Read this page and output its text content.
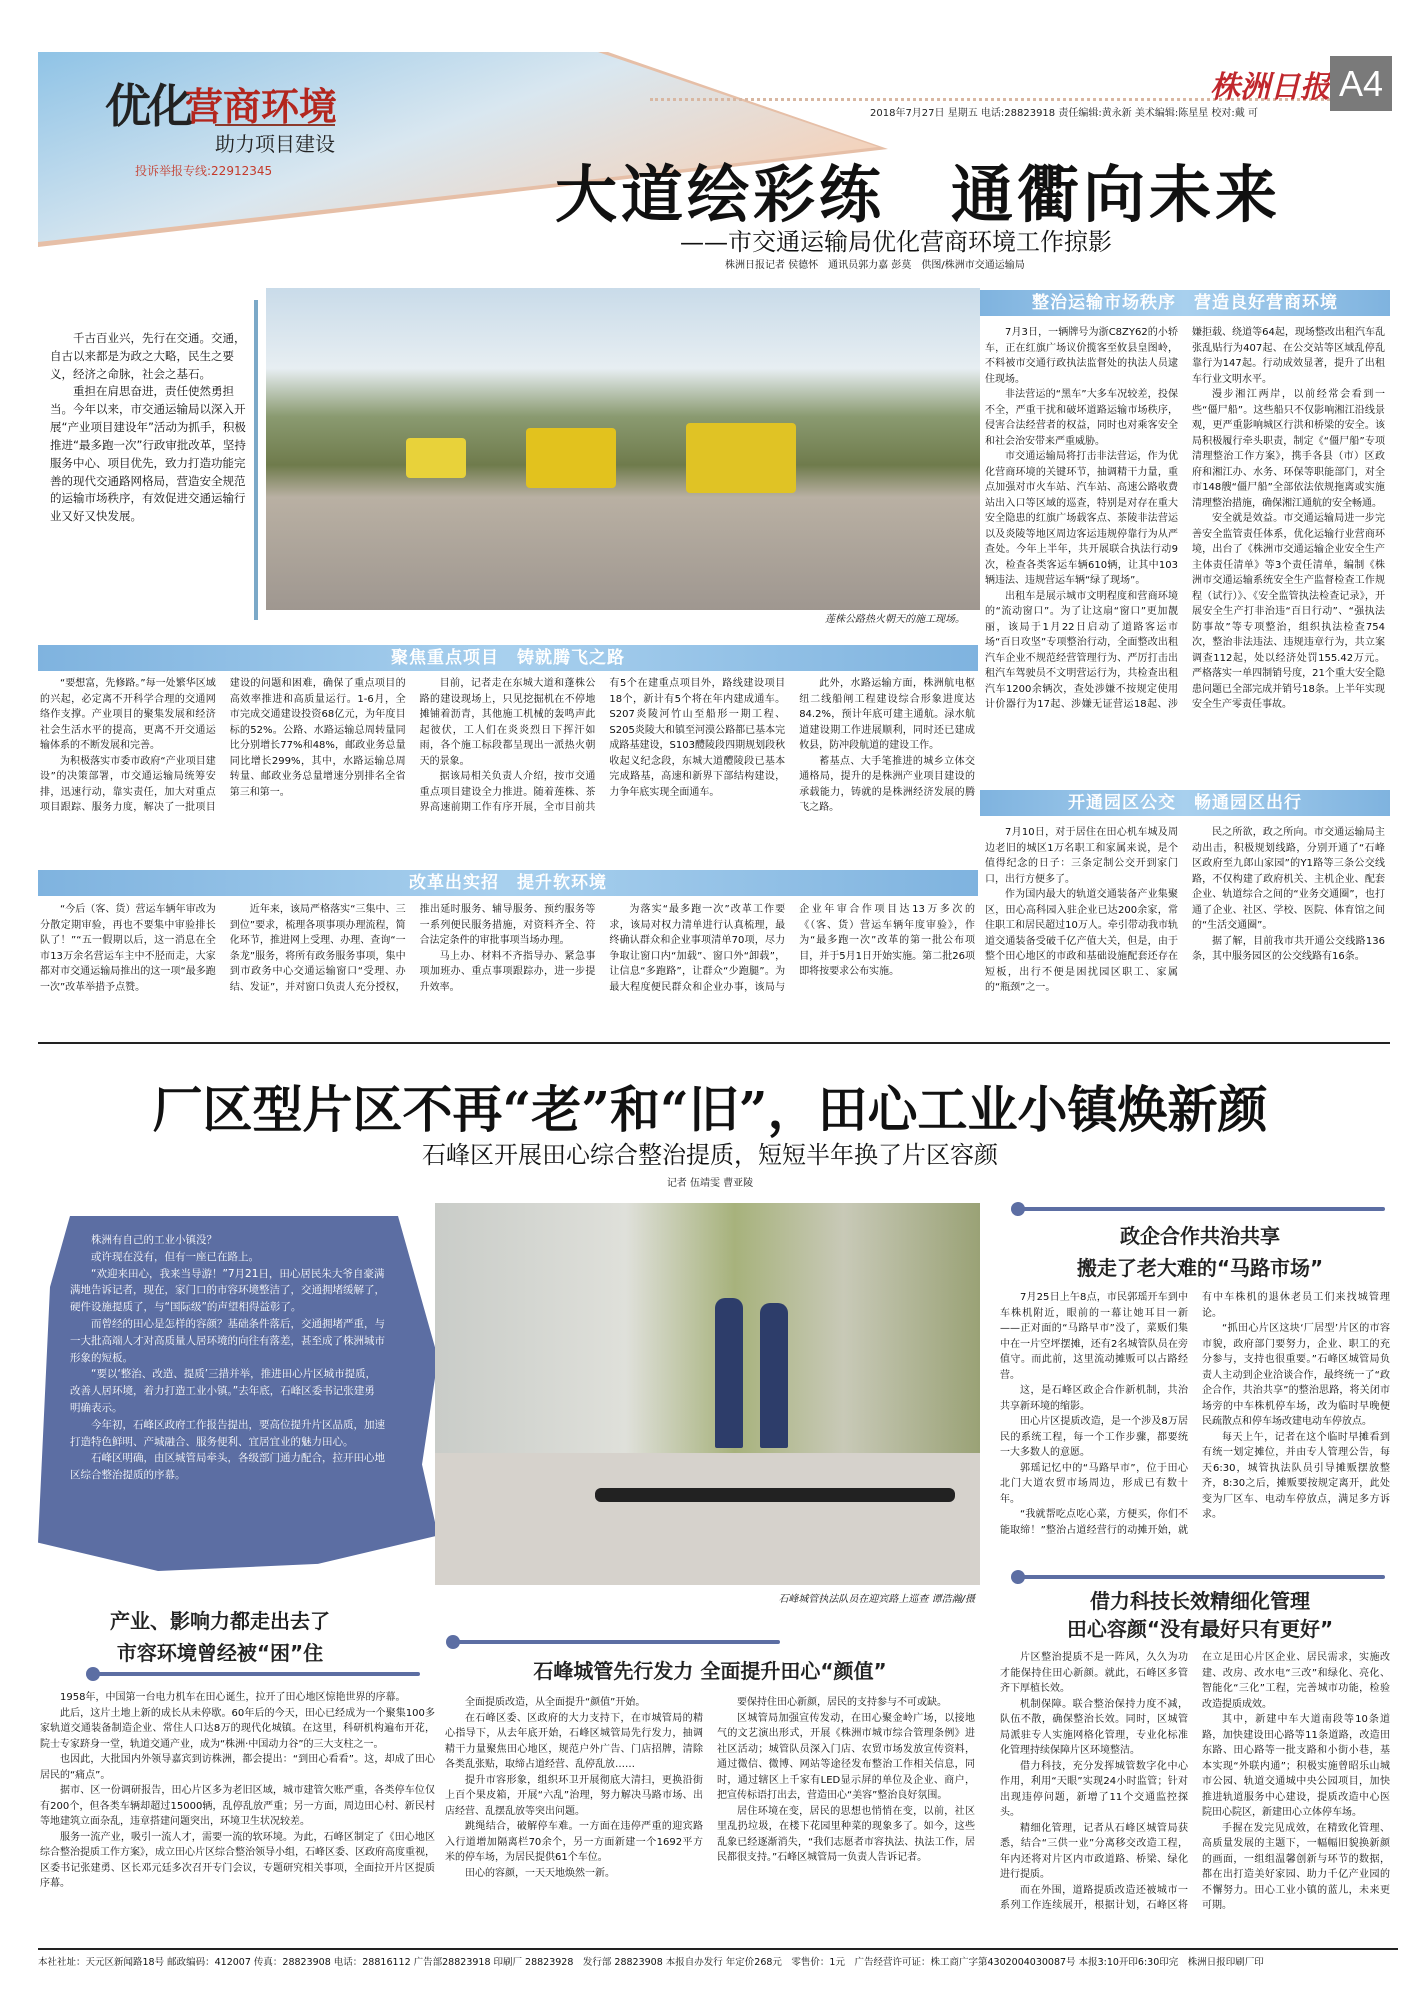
优化
营商环境
助力项目建设
投诉举报专线:22912345
株洲日报 A4
2018年7月27日 星期五 电话:28823918 责任编辑:黄永新 美术编辑:陈星星 校对:戴 可
大道绘彩练　通衢向未来
——市交通运输局优化营商环境工作掠影
株洲日报记者 侯德怀　通讯员郭力嘉 彭莫　供图/株洲市交通运输局

千古百业兴，先行在交通。交通，自古以来都是为政之大略，民生之要义，经济之命脉，社会之基石。

重担在肩思奋进，责任使然勇担当。今年以来，市交通运输局以深入开展“产业项目建设年”活动为抓手，积极推进“最多跑一次”行政审批改革，坚持服务中心、项目优先，致力打造功能完善的现代交通路网格局，营造安全规范的运输市场秩序，有效促进交通运输行业又好又快发展。

莲株公路热火朝天的施工现场。
整治运输市场秩序　营造良好营商环境

7月3日，一辆牌号为浙C8ZY62的小轿车，正在红旗广场议价揽客至攸县皇图岭，不料被市交通行政执法监督处的执法人员逮住现场。

非法营运的“黑车”大多车况较差，投保不全，严重干扰和破坏道路运输市场秩序，侵害合法经营者的权益，同时也对乘客安全和社会治安带来严重威胁。

市交通运输局将打击非法营运，作为优化营商环境的关键环节，抽调精干力量，重点加强对市火车站、汽车站、高速公路收费站出入口等区域的巡查，特别是对存在重大安全隐患的红旗广场载客点、茶陵非法营运以及炎陵等地区周边客运违规停靠行为从严查处。今年上半年，共开展联合执法行动9次，检查各类客运车辆610辆，让其中103辆违法、违规营运车辆“绿了现场”。

出租车是展示城市文明程度和营商环境的“流动窗口”。为了让这扇“窗口”更加靓丽，该局于1月22日启动了道路客运市场“百日攻坚”专项整治行动，全面整改出租汽车企业不规范经营管理行为、严厉打击出租汽车驾驶员不文明营运行为，共检查出租汽车1200余辆次，查处涉嫌不按规定使用计价器行为17起、涉嫌无证营运18起、涉嫌拒载、绕道等64起，现场整改出租汽车乱张乱贴行为407起、在公交站等区域乱停乱靠行为147起。行动成效显著，提升了出租车行业文明水平。

漫步湘江两岸，以前经常会看到一些“僵尸船”。这些船只不仅影响湘江沿线景观，更严重影响城区行洪和桥梁的安全。该局积极履行牵头职责，制定《“僵尸船”专项清理整治工作方案》，携手各县（市）区政府和湘江办、水务、环保等职能部门，对全市148艘“僵尸船”全部依法依规拖离或实施清理整治措施，确保湘江通航的安全畅通。

安全就是效益。市交通运输局进一步完善安全监管责任体系，优化运输行业营商环境，出台了《株洲市交通运输企业安全生产主体责任清单》等3个责任清单，编制《株洲市交通运输系统安全生产监督检查工作规程（试行）》、《安全监管执法检查记录》，开展安全生产打非治违“百日行动”、“强执法防事故”等专项整治，组织执法检查754次，整治非法违法、违规违章行为，共立案调查112起，处以经济处罚155.42万元。严格落实一单四制销号度，21个重大安全隐患问题已全部完成并销号18条。上半年实现安全生产零责任事故。

聚焦重点项目　铸就腾飞之路

“要想富，先修路。”每一处繁华区域的兴起，必定离不开科学合理的交通网络作支撑。产业项目的聚集发展和经济社会生活水平的提高，更离不开交通运输体系的不断发展和完善。

为积极落实市委市政府“产业项目建设”的决策部署，市交通运输局统筹安排，迅速行动，靠实责任，加大对重点项目跟踪、服务力度，解决了一批项目建设的问题和困难，确保了重点项目的高效率推进和高质量运行。1-6月，全市完成交通建设投资68亿元，为年度目标的52%。公路、水路运输总周转量同比分别增长77%和48%，邮政业务总量同比增长299%，其中，水路运输总周转量、邮政业务总量增速分别排名全省第三和第一。

目前，记者走在东城大道和蓬株公路的建设现场上，只见挖掘机在不停地摊铺着沥青，其他施工机械的轰鸣声此起彼伏，工人们在炎炎烈日下挥汗如雨，各个施工标段都呈现出一派热火朝天的景象。

据该局相关负责人介绍，按市交通重点项目建设全力推进。随着莲株、茶界高速前期工作有序开展，全市目前共有5个在建重点项目外，路线建设项目18个，新计有5个将在年内建成通车。S207炎陵河竹山至船形一期工程、S205炎陵大和镇至河漠公路都已基本完成路基建设，S103醴陵段四期规划段秋收起义纪念段，东城大道醴陵段已基本完成路基，高速和新界下部结构建设，力争年底实现全面通车。

此外，水路运输方面，株洲航电枢纽二线船闸工程建设综合形象进度达84.2%，预计年底可建主通航。渌水航道建设期工作进展顺利，同时还已建成攸县，防冲段航道的建设工作。

蓄基点、大手笔推进的城乡立体交通格局，提升的是株洲产业项目建设的承载能力，铸就的是株洲经济发展的腾飞之路。	开通园区公交　畅通园区出行

7月10日，对于居住在田心机车城及周边老旧的城区1万名职工和家属来说，是个值得纪念的日子：三条定制公交开到家门口，出行方便多了。

作为国内最大的轨道交通装备产业集聚区，田心高科园入驻企业已达200余家，常住职工和居民超过10万人。牵引带动我市轨道交通装备受破千亿产值大关，但是，由于整个田心地区的市政和基础设施配套还存在短板，出行不便是困扰园区职工、家属的“瓶颈”之一。

民之所欲，政之所向。市交通运输局主动出击，积极规划线路，分别开通了“石峰区政府至九郎山家园”的Y1路等三条公交线路，不仅构建了政府机关、主机企业、配套企业、轨道综合之间的“业务交通圈”，也打通了企业、社区、学校、医院、体育馆之间的“生活交通圈”。

据了解，目前我市共开通公交线路136条，其中服务园区的公交线路有16条。

改革出实招　提升软环境

“今后（客、货）营运车辆年审改为分散定期审验，再也不要集中审验排长队了！”“五一假期以后，这一消息在全市13万余名营运车主中不胫而走，大家都对市交通运输局推出的这一项“最多跑一次”改革举措予点赞。

近年来，该局严格落实“三集中、三到位”要求，梳理各项事项办理流程，简化环节，推进网上受理、办理、查询“一条龙”服务，将所有政务服务事项，集中到市政务中心交通运输窗口“受理、办结、发证”，并对窗口负责人充分授权，推出延时服务、辅导服务、预约服务等一系列便民服务措施，对资料齐全、符合法定条件的审批事项当场办理。

马上办、材料不齐指导办、紧急事项加班办、重点事项跟踪办，进一步提升效率。

为落实“最多跑一次”改革工作要求，该局对权力清单进行认真梳理，最终确认群众和企业事项清单70项，尽力争取让窗口内“加载”、窗口外“卸载”，让信息“多跑路”，让群众“少跑腿”。为最大程度便民群众和企业办事，该局与企业年审合作项目达13万多次的《（客、货）营运车辆年度审验》，作为“最多跑一次”改革的第一批公布项目，并于5月1日开始实施。第二批26项即将按要求公布实施。

厂区型片区不再“老”和“旧”，田心工业小镇焕新颜
石峰区开展田心综合整治提质，短短半年换了片区容颜
记者 伍靖雯 曹亚陵

株洲有自己的工业小镇没？

或许现在没有，但有一座已在路上。

“欢迎来田心，我来当导游！”7月21日，田心居民朱大爷自豪满满地告诉记者，现在，家门口的市容环境整洁了，交通拥堵缓解了，硬件设施提质了，与“国际级”的声望相得益彰了。

而曾经的田心是怎样的容颜？基础条件落后，交通拥堵严重，与一大批高端人才对高质量人居环境的向往有落差，甚至成了株洲城市形象的短板。

“要以‘整治、改造、提质’三措并举，推进田心片区城市提质，改善人居环境，着力打造工业小镇。”去年底，石峰区委书记张建勇明确表示。

今年初，石峰区政府工作报告提出，要高位提升片区品质，加速打造特色鲜明、产城融合、服务便利、宜居宜业的魅力田心。

石峰区明确，由区城管局牵头，各级部门通力配合，拉开田心地区综合整治提质的序幕。

石峰城管执法队员在迎宾路上巡查 谭浩瀚/摄
政企合作共治共享
搬走了老大难的“马路市场”

7月25日上午8点，市民郭瑶开车到中车株机附近，眼前的一幕让她耳目一新——正对面的“马路早市”没了，菜贩们集中在一片空坪摆摊，还有2名城管队员在旁值守。而此前，这里流动摊贩可以占路经营。

这，是石峰区政企合作新机制，共治共享新环境的缩影。

田心片区提质改造，是一个涉及8万居民的系统工程，每一个工作步骤，都要统一大多数人的意愿。

郭瑶记忆中的“马路早市”，位于田心北门大道农贸市场周边，形成已有数十年。

“我就帮吃点吃心菜，方便买，你们不能取缔！”整治占道经营行的动摊开始，就有中车株机的退休老员工们来找城管理论。

“抓田心片区这块‘厂居型’片区的市容市貌，政府部门要努力，企业、职工的充分参与，支持也很重要。”石峰区城管局负责人主动到企业洽谈合作，最终统一了“政企合作，共治共享”的整治思路，将关闭市场旁的中车株机停车场，改为临时早晚便民疏散点和停车场改建电动车停放点。

每天上午，记者在这个临时早摊看到有统一划定摊位，并由专人管理公告，每天6:30，城管执法队员引导摊贩摆放整齐，8:30之后，摊贩要按规定离开，此处变为厂区车、电动车停放点，满足多方诉求。

借力科技长效精细化管理
田心容颜“没有最好只有更好”

片区整治提质不是一阵风，久久为功才能保持住田心新颜。就此，石峰区多管齐下厚植长效。

机制保障。联合整治保持力度不减，队伍不散，确保整治长效。同时，区城管局派驻专人实施网格化管理，专业化标准化管理持续保障片区环境整洁。

借力科技，充分发挥城管数字化中心作用，利用“天眼”实现24小时监管；针对出现违停问题，新增了11个交通监控探头。

精细化管理，记者从石峰区城管局获悉，结合“三供一业”分离移交改造工程，年内还将对片区内市政道路、桥梁、绿化进行提质。

而在外围，道路提质改造还被城市一系列工作连续展开，根据计划，石峰区将在立足田心片区企业、居民需求，实施改建、改房、改水电“三改”和绿化、亮化、智能化“三化”工程，完善城市功能，检验改造提质成效。

其中，新建中车大道南段等10条道路，加快建设田心路等11条道路，改造田东路、田心路等一批支路和小街小巷，基本实现“外联内通”；积极实施曾昭乐山城市公园、轨道交通城中央公园项目，加快推进轨道服务中心建设，提质改造中心医院田心院区，新建田心立体停车场。

手握在发完见成效，在精致化管理、高质量发展的主题下，一幅幅旧貌换新颜的画面，一组组温馨创新与环节的数据，都在出打造美好家园、助力千亿产业园的不懈努力。田心工业小镇的蓝儿，未来更可期。

产业、影响力都走出去了
市容环境曾经被“困”住

1958年，中国第一台电力机车在田心诞生，拉开了田心地区惊艳世界的序幕。

此后，这片土地上新的成长从未停歇。60年后的今天，田心已经成为一个聚集100多家轨道交通装备制造企业、常住人口达8万的现代化城镇。在这里，科研机构遍布开花，院士专家跻身一堂，轨道交通产业，成为“株洲·中国动力谷”的三大支柱之一。

也因此，大批国内外领导嘉宾到访株洲，都会提出：“到田心看看”。这，却成了田心居民的“痛点”。

据市、区一份调研报告，田心片区多为老旧区域，城市建管欠账严重，各类停车位仅有200个，但各类车辆却超过15000辆，乱停乱放严重；另一方面，周边田心村、新民村等地建筑立面杂乱，违章搭建问题突出，环境卫生状况较差。

服务一流产业，吸引一流人才，需要一流的软环境。为此，石峰区制定了《田心地区综合整治提质工作方案》，成立田心片区综合整治领导小组，石峰区委、区政府高度重视，区委书记张建勇、区长邓元廷多次召开专门会议，专题研究相关事项，全面拉开片区提质序幕。

石峰城管先行发力 全面提升田心“颜值”

全面提质改造，从全面提升“颜值”开始。

在石峰区委、区政府的大力支持下，在市城管局的精心指导下，从去年底开始，石峰区城管局先行发力，抽调精干力量聚焦田心地区，规范户外广告、门店招牌，清除各类乱张贴，取缔占道经营、乱停乱放……

提升市容形象，组织环卫开展彻底大清扫，更换沿街上百个果皮箱，开展“六乱”治理，努力解决马路市场、出店经营、乱摆乱放等突出问题。

跳绳结合，破解停车难。一方面在违停严重的迎宾路入行道增加隔离栏70余个，另一方面新建一个1692平方米的停车场，为居民提供61个车位。

田心的容颜，一天天地焕然一新。

要保持住田心新颜，居民的支持参与不可或缺。

区城管局加强宣传发动，在田心聚金岭广场，以接地气的文艺演出形式，开展《株洲市城市综合管理条例》进社区活动；城管队员深入门店、农贸市场发放宣传资料，通过微信、微博、网站等途径发布整治工作相关信息，同时，通过辖区上千家有LED显示屏的单位及企业、商户，把宣传标语打出去，营造田心“美容”整治良好氛围。

居住环境在变，居民的思想也悄悄在变，以前，社区里乱扔垃圾，在楼下花园里种菜的现象多了。如今，这些乱象已经逐渐消失，“我们志愿者市容执法、执法工作，居民都很支持。”石峰区城管局一负责人告诉记者。

本社社址：天元区新闻路18号 邮政编码：412007 传真：28823908 电话：28816112 广告部28823918 印刷厂 28823928　发行部 28823908 本报自办发行 年定价268元　零售价：1元　广告经营许可证：株工商广字第4302004030087号 本报3:10开印6:30印完　株洲日报印刷厂印
